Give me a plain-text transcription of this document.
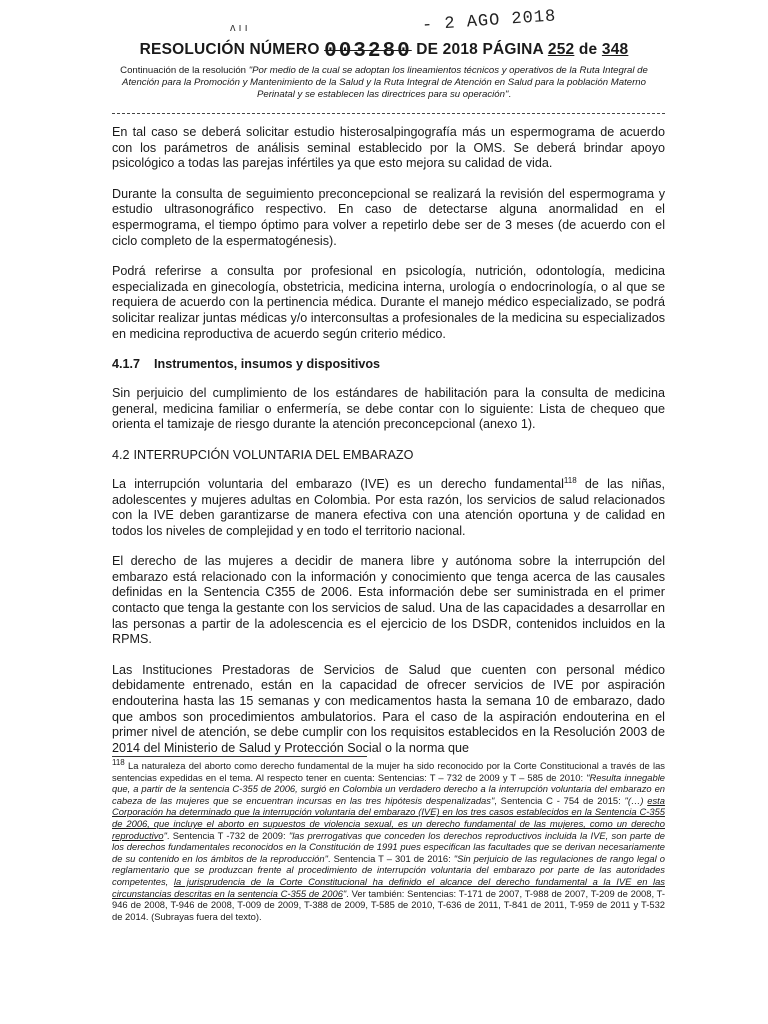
ʌ ı ı	- 2 AGO 2018
RESOLUCIÓN NÚMERO 003280 DE 2018 PÁGINA 252 de 348
Continuación de la resolución "Por medio de la cual se adoptan los lineamientos técnicos y operativos de la Ruta Integral de Atención para la Promoción y Mantenimiento de la Salud y la Ruta Integral de Atención en Salud para la población Materno Perinatal y se establecen las directrices para su operación".

En tal caso se deberá solicitar estudio histerosalpingografía más un espermograma de acuerdo con los parámetros de análisis seminal establecido por la OMS. Se deberá brindar apoyo psicológico a todas las parejas infértiles ya que esto mejora su calidad de vida.

Durante la consulta de seguimiento preconcepcional se realizará la revisión del espermograma y estudio ultrasonográfico respectivo. En caso de detectarse alguna anormalidad en el espermograma, el tiempo óptimo para volver a repetirlo debe ser de 3 meses (de acuerdo con el ciclo completo de la espermatogénesis).

Podrá referirse a consulta por profesional en psicología, nutrición, odontología, medicina especializada en ginecología, obstetricia, medicina interna, urología o endocrinología, o al que se requiera de acuerdo con la pertinencia médica. Durante el manejo médico especializado, se podrá solicitar realizar juntas médicas y/o interconsultas a profesionales de la medicina su especializados en medicina reproductiva de acuerdo según criterio médico.

4.1.7 Instrumentos, insumos y dispositivos

Sin perjuicio del cumplimiento de los estándares de habilitación para la consulta de medicina general, medicina familiar o enfermería, se debe contar con lo siguiente: Lista de chequeo que orienta el tamizaje de riesgo durante la atención preconcepcional (anexo 1).

4.2 INTERRUPCIÓN VOLUNTARIA DEL EMBARAZO

La interrupción voluntaria del embarazo (IVE) es un derecho fundamental$^{118}$ de las niñas, adolescentes y mujeres adultas en Colombia. Por esta razón, los servicios de salud relacionados con la IVE deben garantizarse de manera efectiva con una atención oportuna y de calidad en todos los niveles de complejidad y en todo el territorio nacional.

El derecho de las mujeres a decidir de manera libre y autónoma sobre la interrupción del embarazo está relacionado con la información y conocimiento que tenga acerca de las causales definidas en la Sentencia C355 de 2006. Esta información debe ser suministrada en el primer contacto que tenga la gestante con los servicios de salud. Una de las capacidades a desarrollar en las personas a partir de la adolescencia es el ejercicio de los DSDR, contenidos incluidos en la RPMS.

Las Instituciones Prestadoras de Servicios de Salud que cuenten con personal médico debidamente entrenado, están en la capacidad de ofrecer servicios de IVE por aspiración endouterina hasta las 15 semanas y con medicamentos hasta la semana 10 de embarazo, dado que ambos son procedimientos ambulatorios. Para el caso de la aspiración endouterina en el primer nivel de atención, se debe cumplir con los requisitos establecidos en la Resolución 2003 de 2014 del Ministerio de Salud y Protección Social o la norma que

$^{118}$ La naturaleza del aborto como derecho fundamental de la mujer ha sido reconocido por la Corte Constitucional a través de las sentencias expedidas en el tema. Al respecto tener en cuenta: Sentencias: T – 732 de 2009 y T – 585 de 2010: "Resulta innegable que, a partir de la sentencia C-355 de 2006, surgió en Colombia un verdadero derecho a la interrupción voluntaria del embarazo en cabeza de las mujeres que se encuentran incursas en las tres hipótesis despenalizadas", Sentencia C - 754 de 2015: "(…) esta Corporación ha determinado que la interrupción voluntaria del embarazo (IVE) en los tres casos establecidos en la Sentencia C-355 de 2006, que incluye el aborto en supuestos de violencia sexual, es un derecho fundamental de las mujeres, como un derecho reproductivo". Sentencia T -732 de 2009: "las prerrogativas que conceden los derechos reproductivos incluida la IVE, son parte de los derechos fundamentales reconocidos en la Constitución de 1991 pues especifican las facultades que se derivan necesariamente de su contenido en los ámbitos de la reproducción". Sentencia T – 301 de 2016: "Sin perjuicio de las regulaciones de rango legal o reglamentario que se produzcan frente al procedimiento de interrupción voluntaria del embarazo por parte de las autoridades competentes, la jurisprudencia de la Corte Constitucional ha definido el alcance del derecho fundamental a la IVE en las circunstancias descritas en la sentencia C-355 de 2006". Ver también: Sentencias: T-171 de 2007, T-988 de 2007, T-209 de 2008, T-946 de 2008, T-946 de 2008, T-009 de 2009, T-388 de 2009, T-585 de 2010, T-636 de 2011, T-841 de 2011, T-959 de 2011 y T-532 de 2014. (Subrayas fuera del texto).
